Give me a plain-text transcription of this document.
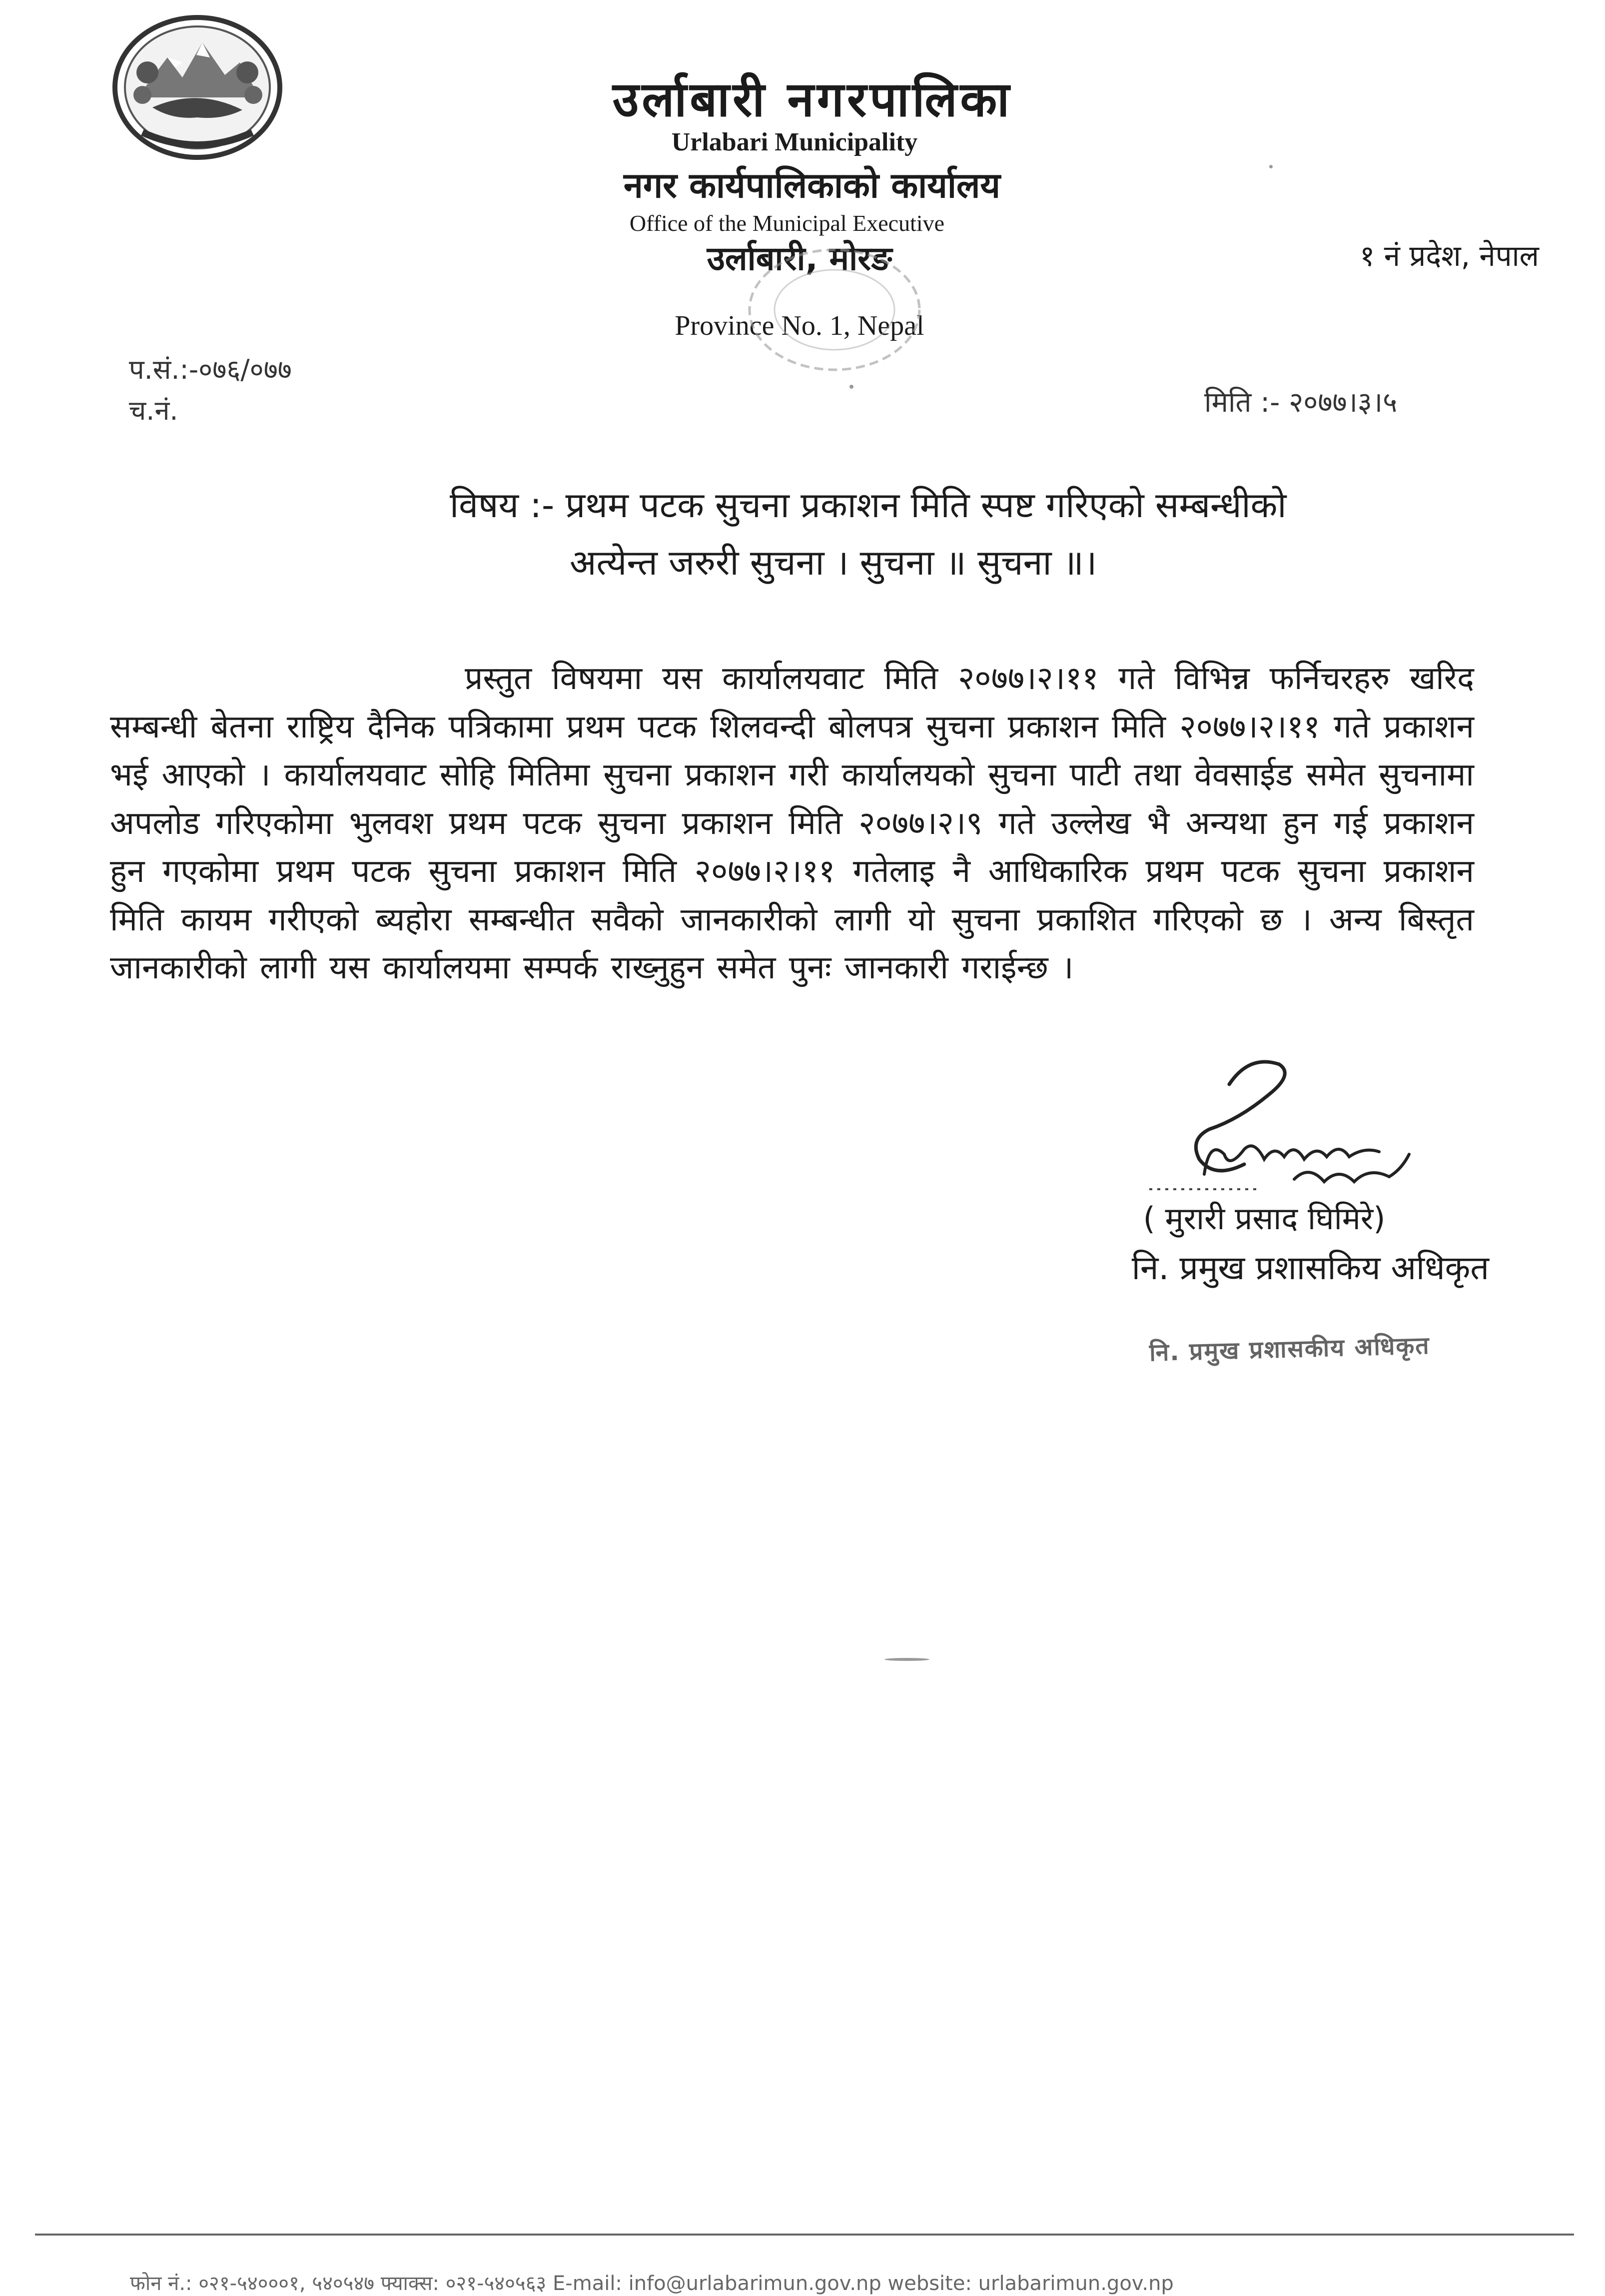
उर्लाबारी नगरपालिका
Urlabari Municipality
नगर कार्यपालिकाको कार्यालय
Office of the Municipal Executive
उर्लाबारी, मोरङ	१ नं प्रदेश, नेपाल
Province No. 1, Nepal
प.सं.:-०७६/०७७
च.नं.	मिति :- २०७७।३।५
विषय :- प्रथम पटक सुचना प्रकाशन मिति स्पष्ट गरिएको सम्बन्धीको
अत्येन्त जरुरी सुचना । सुचना ॥ सुचना ॥।
प्रस्तुत विषयमा यस कार्यालयवाट मिति २०७७।२।११ गते विभिन्न फर्निचरहरु खरिद सम्बन्धी बेतना राष्ट्रिय दैनिक पत्रिकामा प्रथम पटक शिलवन्दी बोलपत्र सुचना प्रकाशन मिति २०७७।२।११ गते प्रकाशन भई आएको । कार्यालयवाट सोहि मितिमा सुचना प्रकाशन गरी कार्यालयको सुचना पाटी तथा वेवसाईड समेत सुचनामा अपलोड गरिएकोमा भुलवश प्रथम पटक सुचना प्रकाशन मिति २०७७।२।९ गते उल्लेख भै अन्यथा हुन गई प्रकाशन हुन गएकोमा प्रथम पटक सुचना प्रकाशन मिति २०७७।२।११ गतेलाइ नै आधिकारिक प्रथम पटक सुचना प्रकाशन मिति कायम गरीएको ब्यहोरा सम्बन्धीत सवैको जानकारीको लागी यो सुचना प्रकाशित गरिएको छ । अन्य बिस्तृत जानकारीको लागी यस कार्यालयमा सम्पर्क राख्नुहुन समेत पुनः जानकारी गराईन्छ ।
( मुरारी प्रसाद घिमिरे)
नि. प्रमुख प्रशासकिय अधिकृत
नि. प्रमुख प्रशासकीय अधिकृत
फोन नं.: ०२१-५४०००१, ५४०५४७ फ्याक्स: ०२१-५४०५६३ E-mail: info@urlabarimun.gov.np website: urlabarimun.gov.np
